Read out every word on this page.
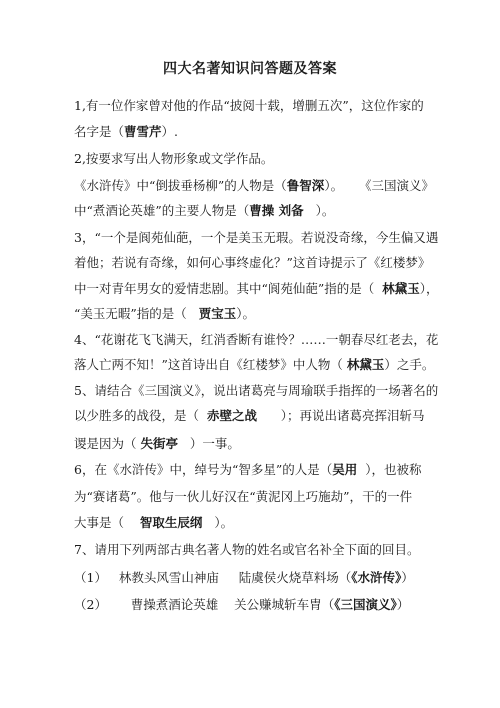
四大名著知识问答题及答案
1,有一位作家曾对他的作品“披阅十载，增删五次”，这位作家的
名字是（曹雪芹）.
2,按要求写出人物形象或文学作品。
《水浒传》中“倒拔垂杨柳”的人物是（鲁智深）。    《三国演义》
中“煮酒论英雄”的主要人物是（曹操 刘备   ）。
3，“一个是阆苑仙葩，一个是美玉无瑕。若说没奇缘，今生偏又遇
着他；若说有奇缘，如何心事终虚化？”这首诗提示了《红楼梦》
中一对青年男女的爱情悲剧。其中“阆苑仙葩”指的是（  林黛玉），
“美玉无暇”指的是（   贾宝玉）。
4、“花谢花飞飞满天，红消香断有谁怜？……一朝春尽红老去，花
落人亡两不知！”这首诗出自《红楼梦》中人物（ 林黛玉）之手。
5、请结合《三国演义》，说出诸葛亮与周瑜联手指挥的一场著名的
以少胜多的战役，是（  赤壁之战      ）；再说出诸葛亮挥泪斩马
谡是因为（ 失街亭   ）一事。
6，在《水浒传》中，绰号为“智多星”的人是（吴用  ），也被称
为“赛诸葛”。他与一伙儿好汉在“黄泥冈上巧施劫”，干的一件
大事是（    智取生辰纲   ）。
7、请用下列两部古典名著人物的姓名或官名补全下面的回目。
（1）   林教头风雪山神庙     陆虞侯火烧草料场（《水浒传》）
（2）      曹操煮酒论英雄    关公赚城斩车胄（《三国演义》）
